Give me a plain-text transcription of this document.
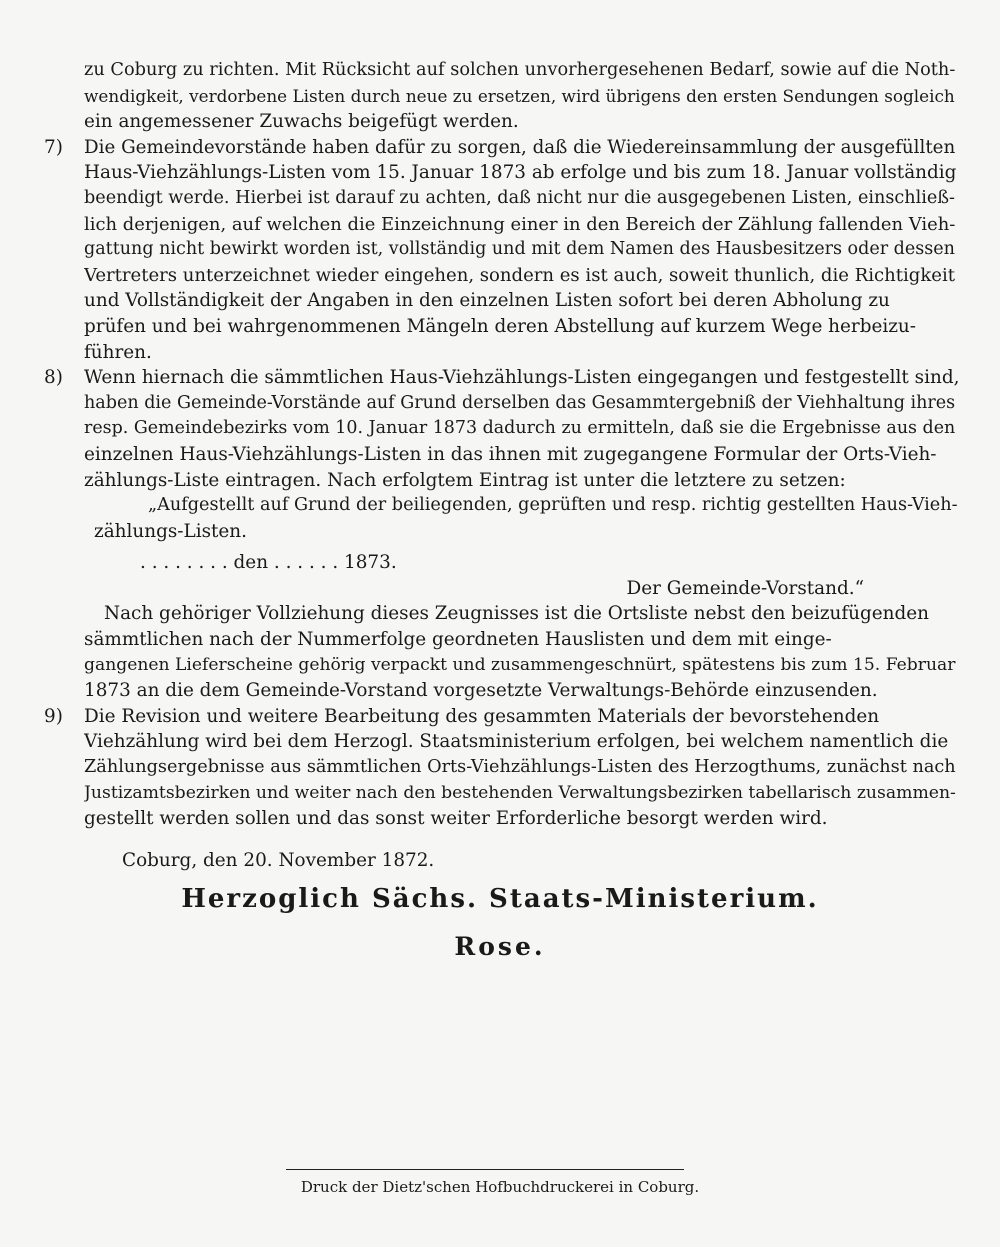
zu Coburg zu richten. Mit Rücksicht auf solchen unvorhergesehenen Bedarf, sowie auf die Noth-
wendigkeit, verdorbene Listen durch neue zu ersetzen, wird übrigens den ersten Sendungen sogleich
ein angemessener Zuwachs beigefügt werden.
7) Die Gemeindevorstände haben dafür zu sorgen, daß die Wiedereinsammlung der ausgefüllten
Haus-Viehzählungs-Listen vom 15. Januar 1873 ab erfolge und bis zum 18. Januar vollständig
beendigt werde. Hierbei ist darauf zu achten, daß nicht nur die ausgegebenen Listen, einschließ-
lich derjenigen, auf welchen die Einzeichnung einer in den Bereich der Zählung fallenden Vieh-
gattung nicht bewirkt worden ist, vollständig und mit dem Namen des Hausbesitzers oder dessen
Vertreters unterzeichnet wieder eingehen, sondern es ist auch, soweit thunlich, die Richtigkeit
und Vollständigkeit der Angaben in den einzelnen Listen sofort bei deren Abholung zu
prüfen und bei wahrgenommenen Mängeln deren Abstellung auf kurzem Wege herbeizu-
führen.
8) Wenn hiernach die sämmtlichen Haus-Viehzählungs-Listen eingegangen und festgestellt sind,
haben die Gemeinde-Vorstände auf Grund derselben das Gesammtergebniß der Viehhaltung ihres
resp. Gemeindebezirks vom 10. Januar 1873 dadurch zu ermitteln, daß sie die Ergebnisse aus den
einzelnen Haus-Viehzählungs-Listen in das ihnen mit zugegangene Formular der Orts-Vieh-
zählungs-Liste eintragen. Nach erfolgtem Eintrag ist unter die letztere zu setzen:
„Aufgestellt auf Grund der beiliegenden, geprüften und resp. richtig gestellten Haus-Vieh-
zählungs-Listen.
. . . . . . . . den . . . . . . 1873.
Der Gemeinde-Vorstand.“
Nach gehöriger Vollziehung dieses Zeugnisses ist die Ortsliste nebst den beizufügenden
sämmtlichen nach der Nummerfolge geordneten Hauslisten und dem mit einge-
gangenen Lieferscheine gehörig verpackt und zusammengeschnürt, spätestens bis zum 15. Februar
1873 an die dem Gemeinde-Vorstand vorgesetzte Verwaltungs-Behörde einzusenden.
9) Die Revision und weitere Bearbeitung des gesammten Materials der bevorstehenden
Viehzählung wird bei dem Herzogl. Staatsministerium erfolgen, bei welchem namentlich die
Zählungsergebnisse aus sämmtlichen Orts-Viehzählungs-Listen des Herzogthums, zunächst nach
Justizamtsbezirken und weiter nach den bestehenden Verwaltungsbezirken tabellarisch zusammen-
gestellt werden sollen und das sonst weiter Erforderliche besorgt werden wird.
Coburg, den 20. November 1872.
Herzoglich Sächs. Staats-Ministerium.
Rose.
Druck der Dietz'schen Hofbuchdruckerei in Coburg.
